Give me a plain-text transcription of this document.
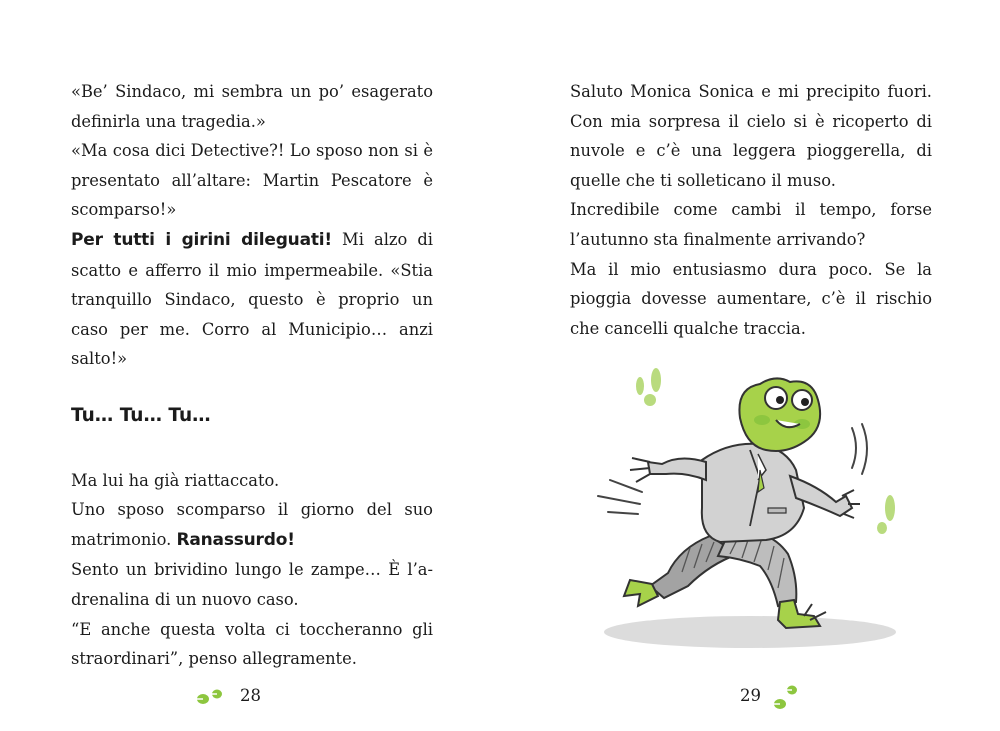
«Be’ Sindaco, mi sembra un po’ esagerato definirla una tragedia.»

«Ma cosa dici Detective?! Lo sposo non si è presentato all’altare: Martin Pescatore è scomparso!»

Per tutti i girini dileguati! Mi alzo di scatto e afferro il mio impermeabile. «Stia tranquillo Sindaco, questo è proprio un caso per me. Corro al Municipio… anzi salto!»

Tu… Tu… Tu…

Ma lui ha già riattaccato.

Uno sposo scomparso il giorno del suo matrimonio. Ranassurdo!

Sento un brividino lungo le zampe… È l’adrenalina di un nuovo caso.

“E anche questa volta ci toccheranno gli straordinari”, penso allegramente.

28

Saluto Monica Sonica e mi precipito fuori. Con mia sorpresa il cielo si è ricoperto di nuvole e c’è una leggera pioggerella, di quelle che ti solleticano il muso.

Incredibile come cambi il tempo, forse l’autunno sta finalmente arrivando?

Ma il mio entusiasmo dura poco. Se la pioggia dovesse aumentare, c’è il rischio che cancelli qualche traccia.

29
